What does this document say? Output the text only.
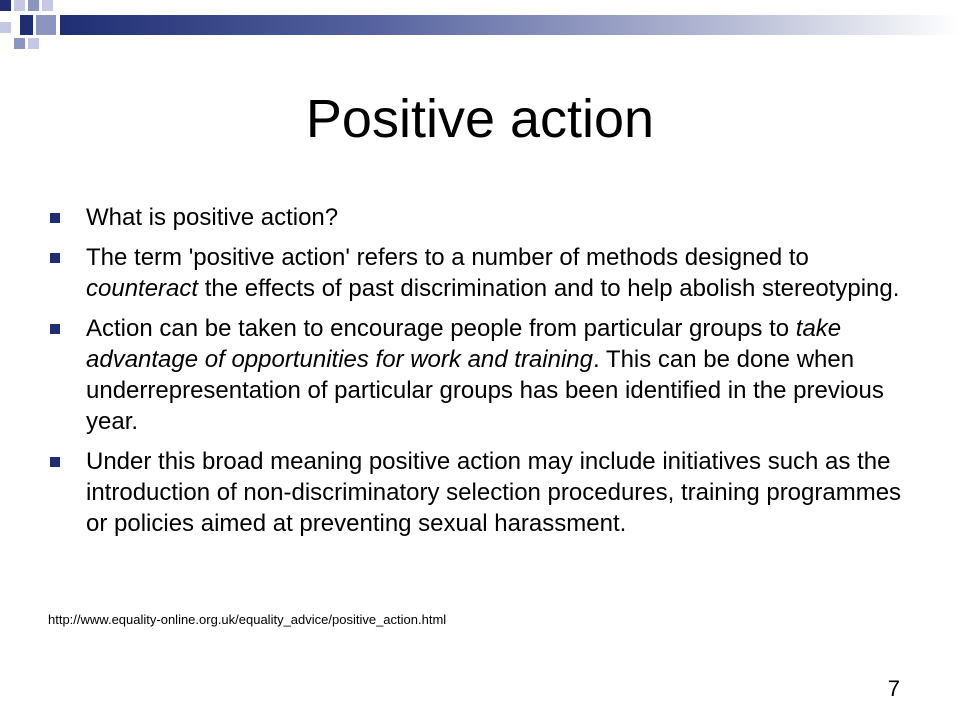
Positive action
What is positive action?
The term 'positive action' refers to a number of methods designed to counteract the effects of past discrimination and to help abolish stereotyping.
Action can be taken to encourage people from particular groups to take advantage of opportunities for work and training. This can be done when underrepresentation of particular groups has been identified in the previous year.
Under this broad meaning positive action may include initiatives such as the introduction of non-discriminatory selection procedures, training programmes or policies aimed at preventing sexual harassment.
http://www.equality-online.org.uk/equality_advice/positive_action.html
7
